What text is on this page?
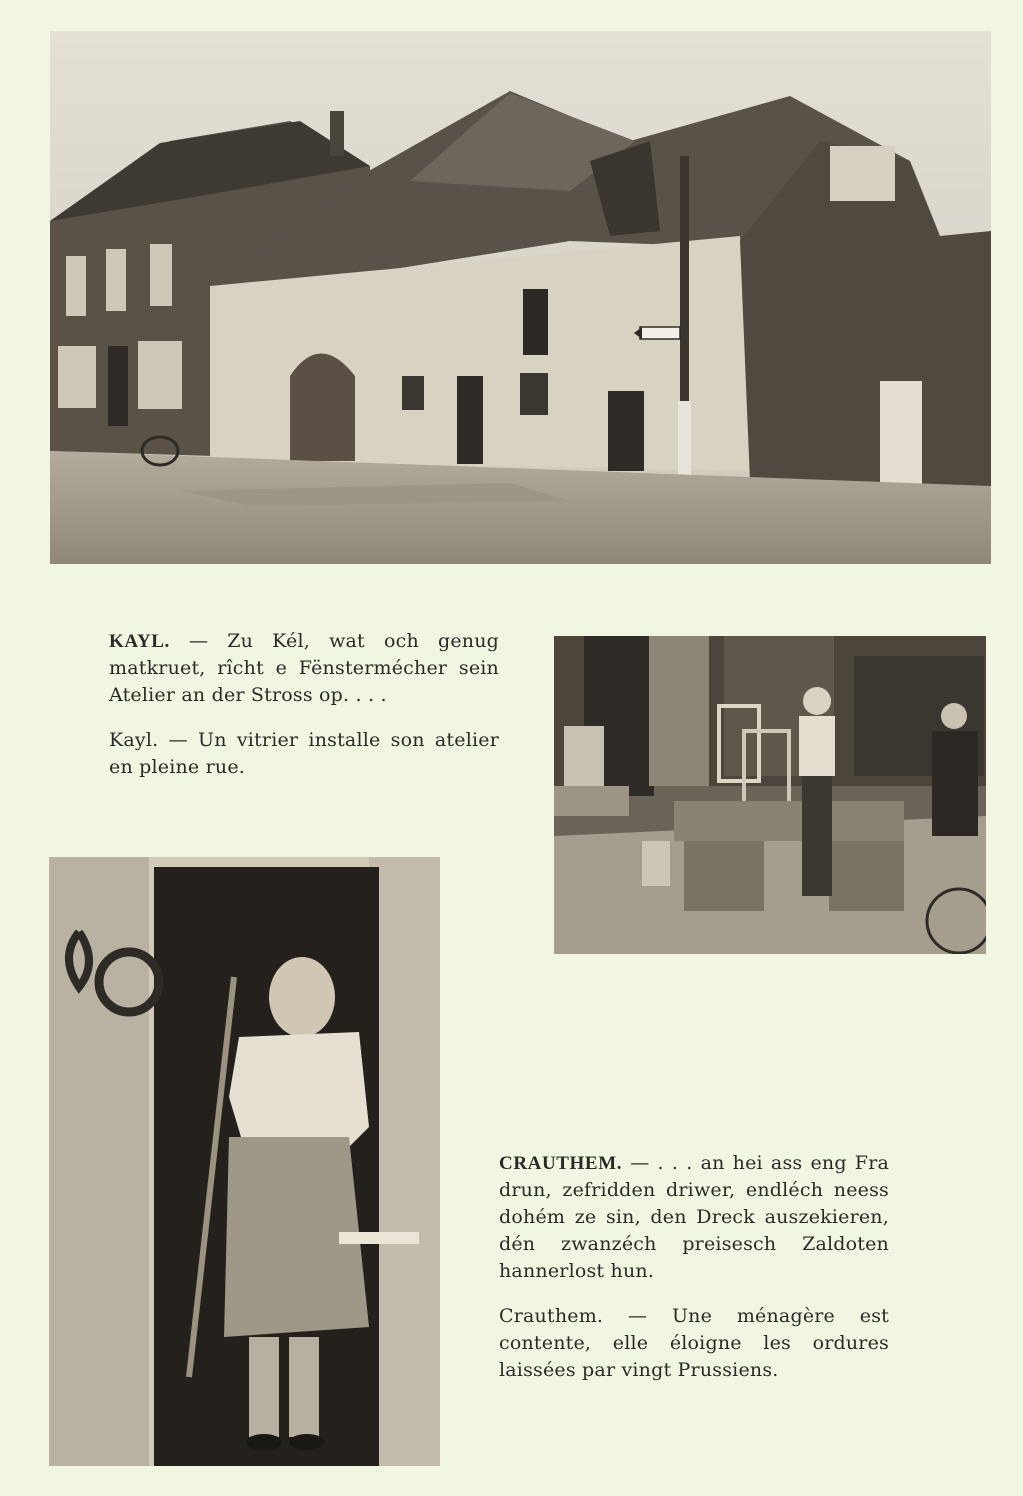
KAYL. — Zu Kél, wat och genug matkruet, rîcht e Fënstermécher sein Atelier an der Stross op. . . .

Kayl. — Un vitrier installe son atelier en pleine rue.

CRAUTHEM. — . . . an hei ass eng Fra drun, zefridden driwer, endléch neess dohém ze sin, den Dreck auszekieren, dén zwanzéch preisesch Zaldoten hannerlost hun.

Crauthem. — Une ménagère est contente, elle éloigne les ordures laissées par vingt Prussiens.
